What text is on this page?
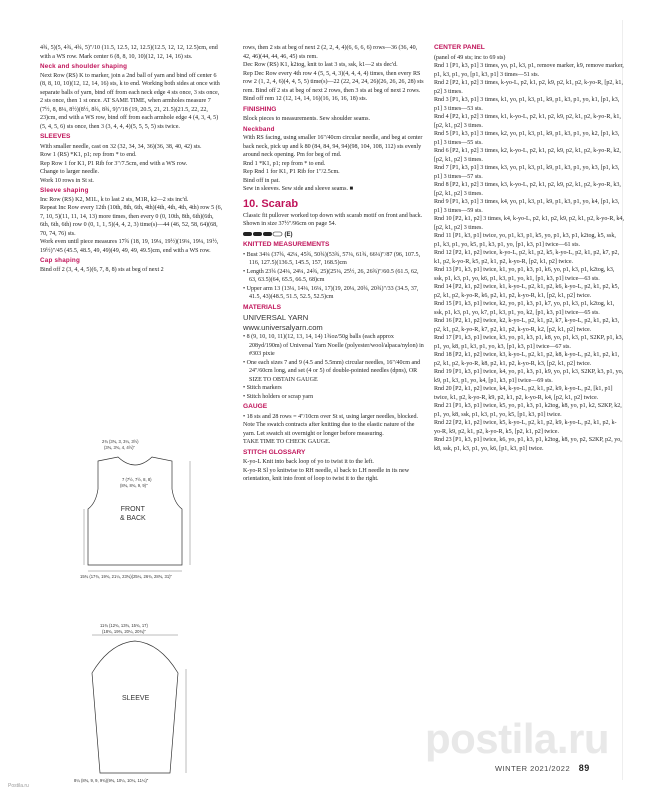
4¾, 5)(5, 4¾, 4¾, 5)"/10 (11.5, 12.5, 12, 12.5)(12.5, 12, 12, 12.5)cm, end with a WS row. Mark center 6 (8, 8, 10, 10)(12, 12, 14, 16) sts.

Neck and shoulder shaping

Next Row (RS) K to marker, join a 2nd ball of yarn and bind off center 6 (8, 8, 10, 10)(12, 12, 14, 16) sts, k to end. Working both sides at once with separate balls of yarn, bind off from each neck edge 4 sts once, 3 sts once, 2 sts once, then 1 st once. AT SAME TIME, when armholes measure 7 (7½, 8, 8¼, 8½)(8½, 8¾, 8¾, 9)"/18 (19, 20.5, 21, 21.5)(21.5, 22, 22, 23)cm, end with a WS row, bind off from each armhole edge 4 (4, 3, 4, 5)(5, 4, 5, 6) sts once, then 3 (3, 4, 4, 4)(5, 5, 5, 5) sts twice.

SLEEVES

With smaller needle, cast on 32 (32, 34, 34, 36)(36, 38, 40, 42) sts.

Row 1 (RS) *K1, p1; rep from * to end.

Rep Row 1 for K1, P1 Rib for 3"/7.5cm, end with a WS row.

Change to larger needle.

Work 10 rows in St st.

Sleeve shaping

Inc Row (RS) K2, M1L, k to last 2 sts, M1R, k2—2 sts inc'd.

Repeat Inc Row every 12th (10th, 8th, 6th, 4th)(4th, 4th, 4th, 4th) row 5 (6, 7, 10, 5)(11, 11, 14, 13) more times, then every 0 (0, 10th, 8th, 6th)(6th, 6th, 6th, 6th) row 0 (0, 1, 1, 5)(4, 4, 2, 3) time(s)—44 (46, 52, 58, 64)(68, 70, 74, 76) sts.

Work even until piece measures 17¾ (18, 19, 19¼, 19½)(19¼, 19¼, 19½, 19½)"/45 (45.5, 48.5, 49, 49)(49, 49, 49, 49.5)cm, end with a WS row.

Cap shaping

Bind off 2 (3, 4, 4, 5)(6, 7, 8, 8) sts at beg of next 2

2¾ (3¾, 3, 3¼, 3½)
(3¾, 3¾, 4, 4½)"
7 (7½, 7½, 8, 8)
(8¾, 8¾, 9, 9)"
FRONT
& BACK
15¾ (17¾, 19¾, 21¼, 23¾)(25¼, 26¾, 28¾, 31)"
11¾ (12¾, 13¾, 15¾, 17)
(18¾, 19¾, 20¼, 20¾)"
SLEEVE
8¼ (8¾, 9, 9, 9¾)(9¾, 10¼, 10¼, 11¼)"

rows, then 2 sts at beg of next 2 (2, 2, 4, 4)(6, 6, 6, 6) rows—36 (36, 40, 42, 46)(44, 44, 46, 45) sts rem.

Dec Row (RS) K1, k2tog, knit to last 3 sts, ssk, k1—2 sts dec'd.

Rep Dec Row every 4th row 4 (5, 5, 4, 3)(4, 4, 4, 4) times, then every RS row 2 (1, 2, 4, 6)(4, 4, 5, 5) time(s)—22 (22, 24, 24, 26)(26, 26, 26, 28) sts rem. Bind off 2 sts at beg of next 2 rows, then 3 sts at beg of next 2 rows.

Bind off rem 12 (12, 14, 14, 16)(16, 16, 16, 18) sts.

FINISHING

Block pieces to measurements. Sew shoulder seams.

Neckband

With RS facing, using smaller 16"/40cm circular needle, and beg at center back neck, pick up and k 80 (84, 84, 94, 94)(98, 104, 108, 112) sts evenly around neck opening. Pm for beg of rnd.

Rnd 1 *K1, p1; rep from * to end.

Rep Rnd 1 for K1, P1 Rib for 1"/2.5cm.

Bind off in pat.

Sew in sleeves. Sew side and sleeve seams. ■

10. Scarab

Classic fit pullover worked top down with scarab motif on front and back. Shown in size 37½"/96cm on page 54.

(E)
KNITTED MEASUREMENTS

• Bust 34¼ (37¾, 42¼, 45¾, 50¾)(53¾, 57¼, 61¾, 66¼)"/87 (96, 107.5, 116, 127.5)(136.5, 145.5, 157, 168.5)cm

• Length 23¾ (24¼, 24¼, 24¾, 25)(25¼, 25½, 26, 26¾)"/60.5 (61.5, 62, 63, 63.5)(64, 65.5, 66.5, 68)cm

• Upper arm 13 (13¼, 14¼, 16¼, 17)(19, 20¼, 20¾, 20¾)"/33 (34.5, 37, 41.5, 43)(48.5, 51.5, 52.5, 52.5)cm

MATERIALS
UNIVERSAL YARN
www.universalyarn.com

• 8 (9, 10, 10, 11)(12, 13, 14, 14) 1¾oz/50g balls (each approx 208yd/190m) of Universal Yarn Noelle (polyester/wool/alpaca/nylon) in #303 pixie

• One each sizes 7 and 9 (4.5 and 5.5mm) circular needles, 16"/40cm and 24"/60cm long, and set (4 or 5) of double-pointed needles (dpns), OR SIZE TO OBTAIN GAUGE

• Stitch markers

• Stitch holders or scrap yarn

GAUGE

• 18 sts and 28 rows = 4"/10cm over St st, using larger needles, blocked.

Note The swatch contracts after knitting due to the elastic nature of the yarn. Let swatch sit overnight or longer before measuring.

TAKE TIME TO CHECK GAUGE.

STITCH GLOSSARY

K-yo-L Knit into back loop of yo to twist it to the left.

K-yo-R Sl yo knitwise to RH needle, sl back to LH needle in its new orientation, knit into front of loop to twist it to the right.

CENTER PANEL

(panel of 49 sts; inc to 69 sts)

Rnd 1 [P1, k3, p1] 3 times, yo, p1, k3, p1, remove marker, k9, remove marker, p1, k3, p1, yo, [p1, k3, p1] 3 times—51 sts.

Rnd 2 [P2, k1, p2] 3 times, k-yo-L, p2, k1, p2, k9, p2, k1, p2, k-yo-R, [p2, k1, p2] 3 times.

Rnd 3 [P1, k3, p1] 3 times, k1, yo, p1, k3, p1, k9, p1, k3, p1, yo, k1, [p1, k3, p1] 3 times—53 sts.

Rnd 4 [P2, k1, p2] 3 times, k1, k-yo-L, p2, k1, p2, k9, p2, k1, p2, k-yo-R, k1, [p2, k1, p2] 3 times.

Rnd 5 [P1, k3, p1] 3 times, k2, yo, p1, k3, p1, k9, p1, k3, p1, yo, k2, [p1, k3, p1] 3 times—55 sts.

Rnd 6 [P2, k1, p2] 3 times, k2, k-yo-L, p2, k1, p2, k9, p2, k1, p2, k-yo-R, k2, [p2, k1, p2] 3 times.

Rnd 7 [P1, k3, p1] 3 times, k3, yo, p1, k3, p1, k9, p1, k3, p1, yo, k3, [p1, k3, p1] 3 times—57 sts.

Rnd 8 [P2, k1, p2] 3 times, k3, k-yo-L, p2, k1, p2, k9, p2, k1, p2, k-yo-R, k3, [p2, k1, p2] 3 times.

Rnd 9 [P1, k3, p1] 3 times, k4, yo, p1, k3, p1, k9, p1, k3, p1, yo, k4, [p1, k3, p1] 3 times—59 sts.

Rnd 10 [P2, k1, p2] 3 times, k4, k-yo-L, p2, k1, p2, k9, p2, k1, p2, k-yo-R, k4, [p2, k1, p2] 3 times.

Rnd 11 [P1, k3, p1] twice, yo, p1, k3, p1, k5, yo, p1, k3, p1, k2tog, k5, ssk, p1, k3, p1, yo, k5, p1, k3, p1, yo, [p1, k3, p1] twice—61 sts.

Rnd 12 [P2, k1, p2] twice, k-yo-L, p2, k1, p2, k5, k-yo-L, p2, k1, p2, k7, p2, k1, p2, k-yo-R, k5, p2, k1, p2, k-yo-R, [p2, k1, p2] twice.

Rnd 13 [P1, k3, p1] twice, k1, yo, p1, k3, p1, k6, yo, p1, k3, p1, k2tog, k3, ssk, p1, k3, p1, yo, k6, p1, k3, p1, yo, k1, [p1, k3, p1] twice—63 sts.

Rnd 14 [P2, k1, p2] twice, k1, k-yo-L, p2, k1, p2, k6, k-yo-L, p2, k1, p2, k5, p2, k1, p2, k-yo-R, k6, p2, k1, p2, k-yo-R, k1, [p2, k1, p2] twice.

Rnd 15 [P1, k3, p1] twice, k2, yo, p1, k3, p1, k7, yo, p1, k3, p1, k2tog, k1, ssk, p1, k3, p1, yo, k7, p1, k3, p1, yo, k2, [p1, k3, p1] twice—65 sts.

Rnd 16 [P2, k1, p2] twice, k2, k-yo-L, p2, k1, p2, k7, k-yo-L, p2, k1, p2, k3, p2, k1, p2, k-yo-R, k7, p2, k1, p2, k-yo-R, k2, [p2, k1, p2] twice.

Rnd 17 [P1, k3, p1] twice, k3, yo, p1, k3, p1, k8, yo, p1, k3, p1, S2KP, p1, k3, p1, yo, k8, p1, k3, p1, yo, k3, [p1, k3, p1] twice—67 sts.

Rnd 18 [P2, k1, p2] twice, k3, k-yo-L, p2, k1, p2, k8, k-yo-L, p2, k1, p2, k1, p2, k1, p2, k-yo-R, k8, p2, k1, p2, k-yo-R, k3, [p2, k1, p2] twice.

Rnd 19 [P1, k3, p1] twice, k4, yo, p1, k3, p1, k9, yo, p1, k3, S2KP, k3, p1, yo, k9, p1, k3, p1, yo, k4, [p1, k3, p1] twice—69 sts.

Rnd 20 [P2, k1, p2] twice, k4, k-yo-L, p2, k1, p2, k9, k-yo-L, p2, [k1, p1] twice, k1, p2, k-yo-R, k9, p2, k1, p2, k-yo-R, k4, [p2, k1, p2] twice.

Rnd 21 [P1, k3, p1] twice, k5, yo, p1, k3, p1, k2tog, k8, yo, p1, k2, S2KP, k2, p1, yo, k8, ssk, p1, k3, p1, yo, k5, [p1, k3, p1] twice.

Rnd 22 [P2, k1, p2] twice, k5, k-yo-L, p2, k1, p2, k9, k-yo-L, p2, k1, p2, k-yo-R, k9, p2, k1, p2, k-yo-R, k5, [p2, k1, p2] twice.

Rnd 23 [P1, k3, p1] twice, k6, yo, p1, k3, p1, k2tog, k8, yo, p2, S2KP, p2, yo, k8, ssk, p1, k3, p1, yo, k6, [p1, k3, p1] twice.

postila.ru
WINTER 2021/2022 89
Postila.ru
